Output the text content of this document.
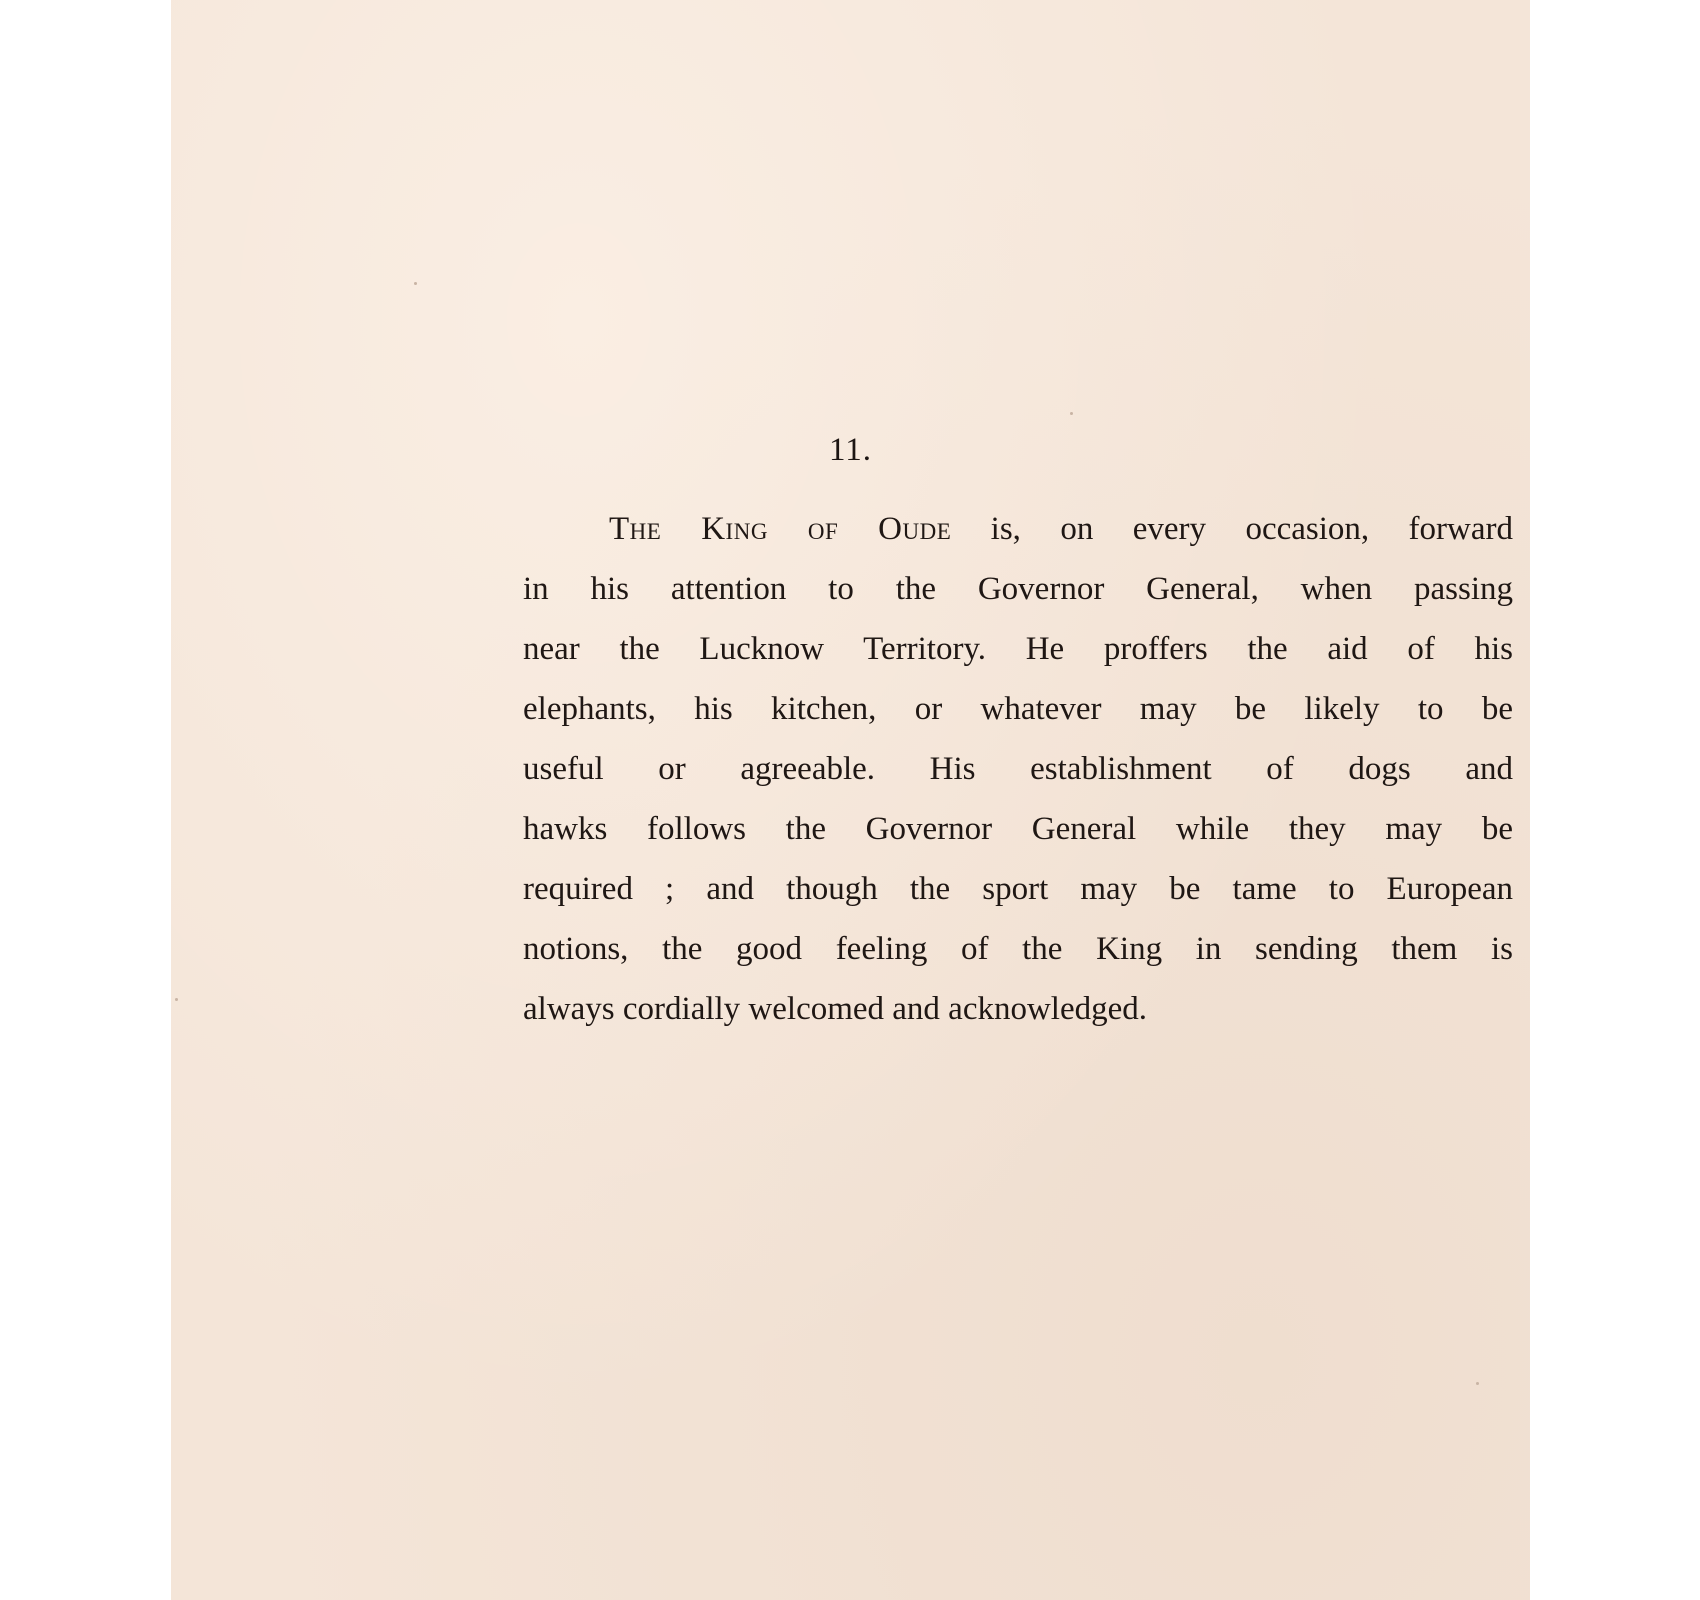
11.
The King of Oude is, on every occasion, forward
in his attention to the Governor General, when passing
near the Lucknow Territory. He proffers the aid of his
elephants, his kitchen, or whatever may be likely to be
useful or agreeable. His establishment of dogs and
hawks follows the Governor General while they may be
required ; and though the sport may be tame to European
notions, the good feeling of the King in sending them is
always cordially welcomed and acknowledged.
